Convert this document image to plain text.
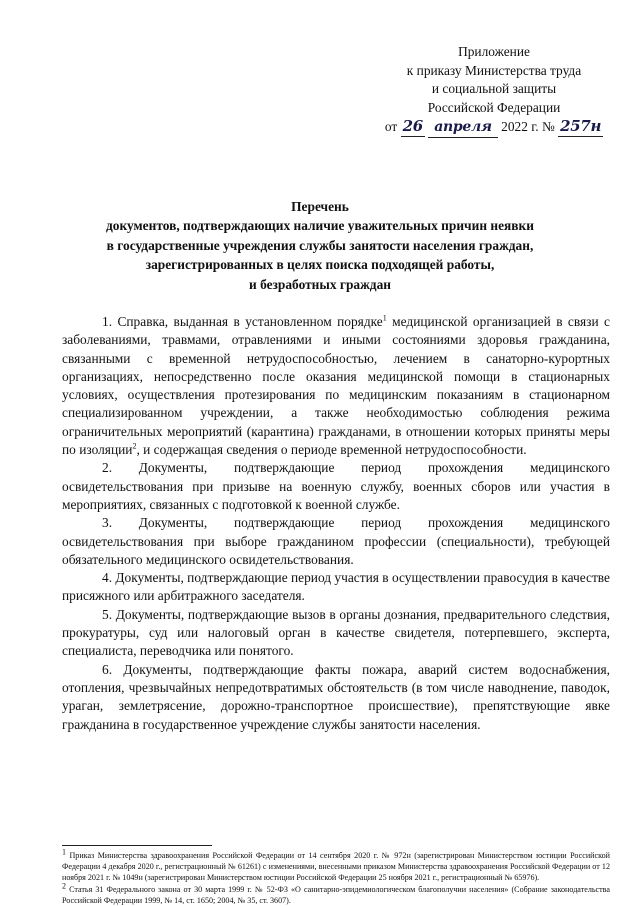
Приложение
к приказу Министерства труда
и социальной защиты
Российской Федерации
от 26 апреля 2022 г. № 257н
Перечень
документов, подтверждающих наличие уважительных причин неявки
в государственные учреждения службы занятости населения граждан,
зарегистрированных в целях поиска подходящей работы,
и безработных граждан

1. Справка, выданная в установленном порядке$^1$ медицинской организацией в связи с заболеваниями, травмами, отравлениями и иными состояниями здоровья гражданина, связанными с временной нетрудоспособностью, лечением в санаторно-курортных организациях, непосредственно после оказания медицинской помощи в стационарных условиях, осуществления протезирования по медицинским показаниям в стационарном специализированном учреждении, а также необходимостью соблюдения режима ограничительных мероприятий (карантина) гражданами, в отношении которых приняты меры по изоляции$^2$, и содержащая сведения о периоде временной нетрудоспособности.

2. Документы, подтверждающие период прохождения медицинского освидетельствования при призыве на военную службу, военных сборов или участия в мероприятиях, связанных с подготовкой к военной службе.

3. Документы, подтверждающие период прохождения медицинского освидетельствования при выборе гражданином профессии (специальности), требующей обязательного медицинского освидетельствования.

4. Документы, подтверждающие период участия в осуществлении правосудия в качестве присяжного или арбитражного заседателя.

5. Документы, подтверждающие вызов в органы дознания, предварительного следствия, прокуратуры, суд или налоговый орган в качестве свидетеля, потерпевшего, эксперта, специалиста, переводчика или понятого.

6. Документы, подтверждающие факты пожара, аварий систем водоснабжения, отопления, чрезвычайных непредотвратимых обстоятельств (в том числе наводнение, паводок, ураган, землетрясение, дорожно-транспортное происшествие), препятствующие явке гражданина в государственное учреждение службы занятости населения.

$^1$ Приказ Министерства здравоохранения Российской Федерации от 14 сентября 2020 г. № 972н (зарегистрирован Министерством юстиции Российской Федерации 4 декабря 2020 г., регистрационный № 61261) с изменениями, внесенными приказом Министерства здравоохранения Российской Федерации от 12 ноября 2021 г. № 1049н (зарегистрирован Министерством юстиции Российской Федерации 25 ноября 2021 г., регистрационный № 65976).

$^2$ Статья 31 Федерального закона от 30 марта 1999 г. № 52-ФЗ «О санитарно-эпидемиологическом благополучии населения» (Собрание законодательства Российской Федерации 1999, № 14, ст. 1650; 2004, № 35, ст. 3607).
